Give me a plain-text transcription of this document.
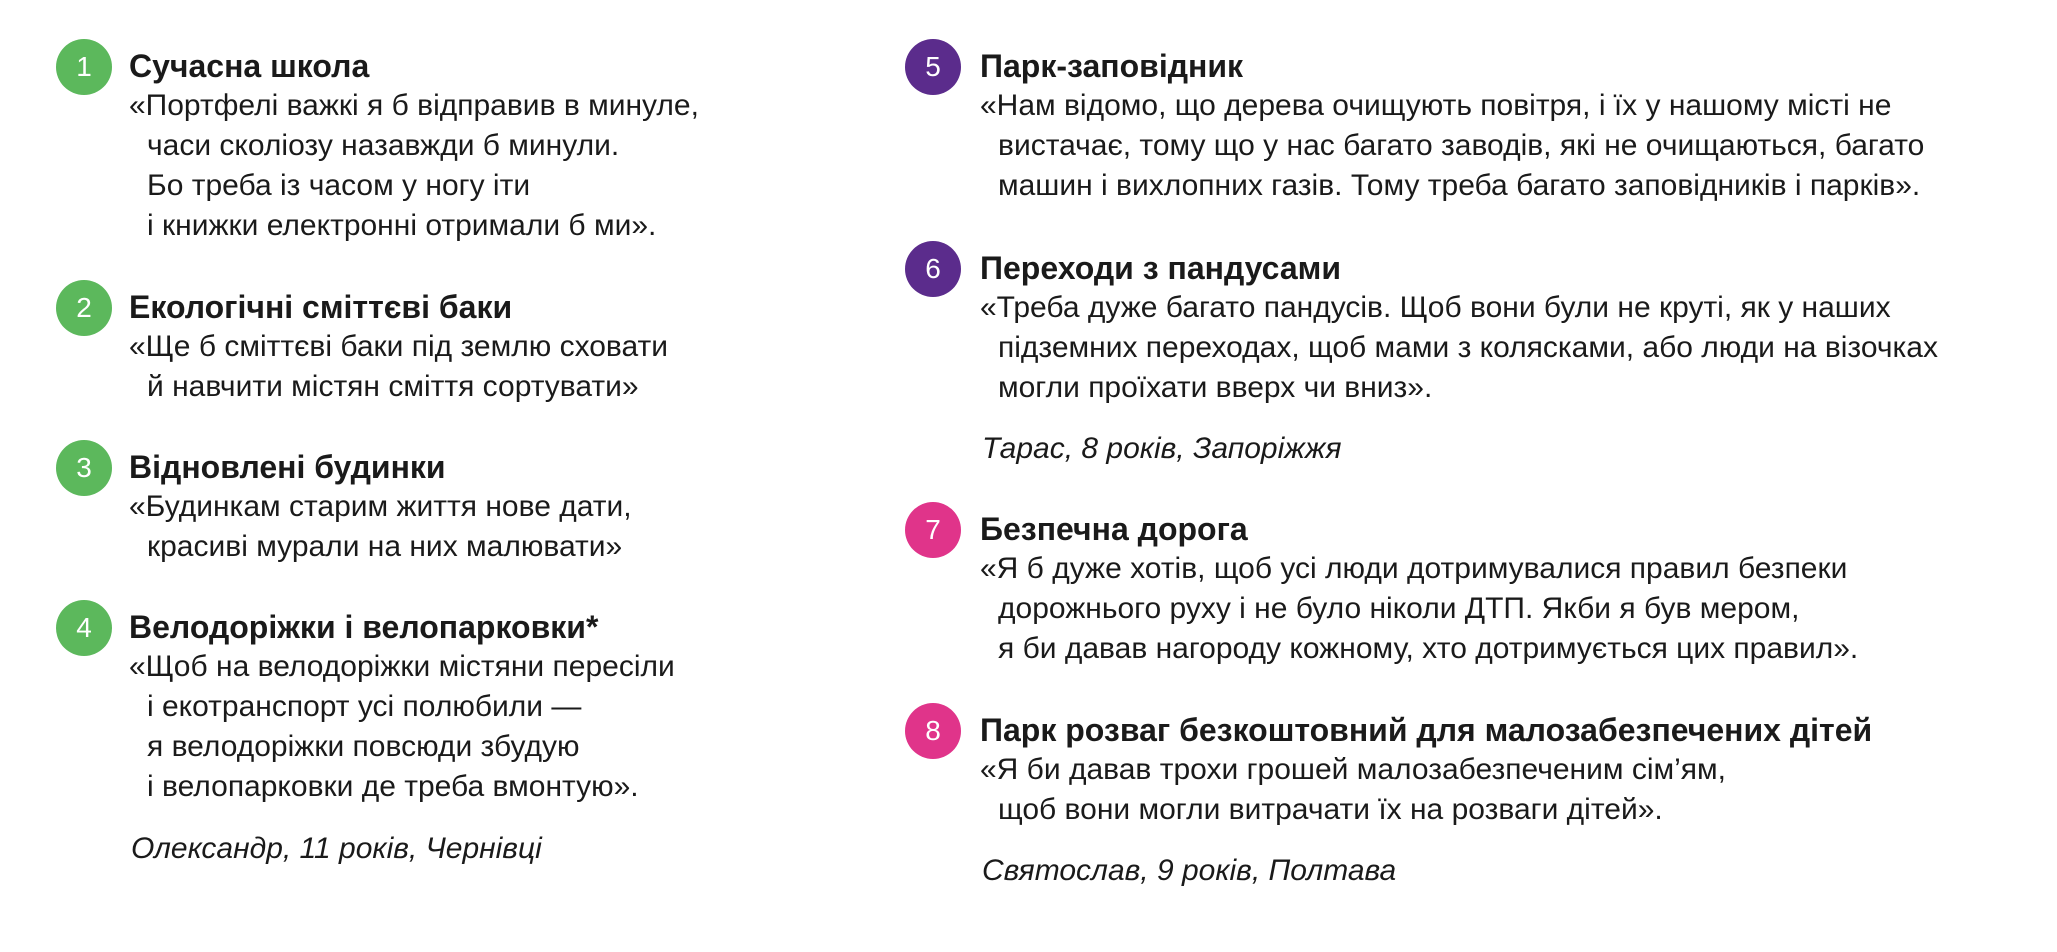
1	Сучасна школа
«Портфелі важкі я б відправив в минуле,
часи сколіозу назавжди б минули.
Бо треба із часом у ногу іти
і книжки електронні отримали б ми».
2	Екологічні сміттєві баки
«Ще б сміттєві баки під землю сховати
й навчити містян сміття сортувати»
3	Відновлені будинки
«Будинкам старим життя нове дати,
красиві мурали на них малювати»
4	Велодоріжки і велопарковки*
«Щоб на велодоріжки містяни пересіли
і екотранспорт усі полюбили —
я велодоріжки повсюди збудую
і велопарковки де треба вмонтую».
Олександр, 11 років, Чернівці
5	Парк-заповідник
«Нам відомо, що дерева очищують повітря, і їх у нашому місті не
вистачає, тому що у нас багато заводів, які не очищаються, багато
машин і вихлопних газів. Тому треба багато заповідників і парків».
6	Переходи з пандусами
«Треба дуже багато пандусів. Щоб вони були не круті, як у наших
підземних переходах, щоб мами з колясками, або люди на візочках
могли проїхати вверх чи вниз».
Тарас, 8 років, Запоріжжя
7	Безпечна дорога
«Я б дуже хотів, щоб усі люди дотримувалися правил безпеки
дорожнього руху і не було ніколи ДТП. Якби я був мером,
я би давав нагороду кожному, хто дотримується цих правил».
8	Парк розваг безкоштовний для малозабезпечених дітей
«Я би давав трохи грошей малозабезпеченим сім’ям,
щоб вони могли витрачати їх на розваги дітей».
Святослав, 9 років, Полтава
